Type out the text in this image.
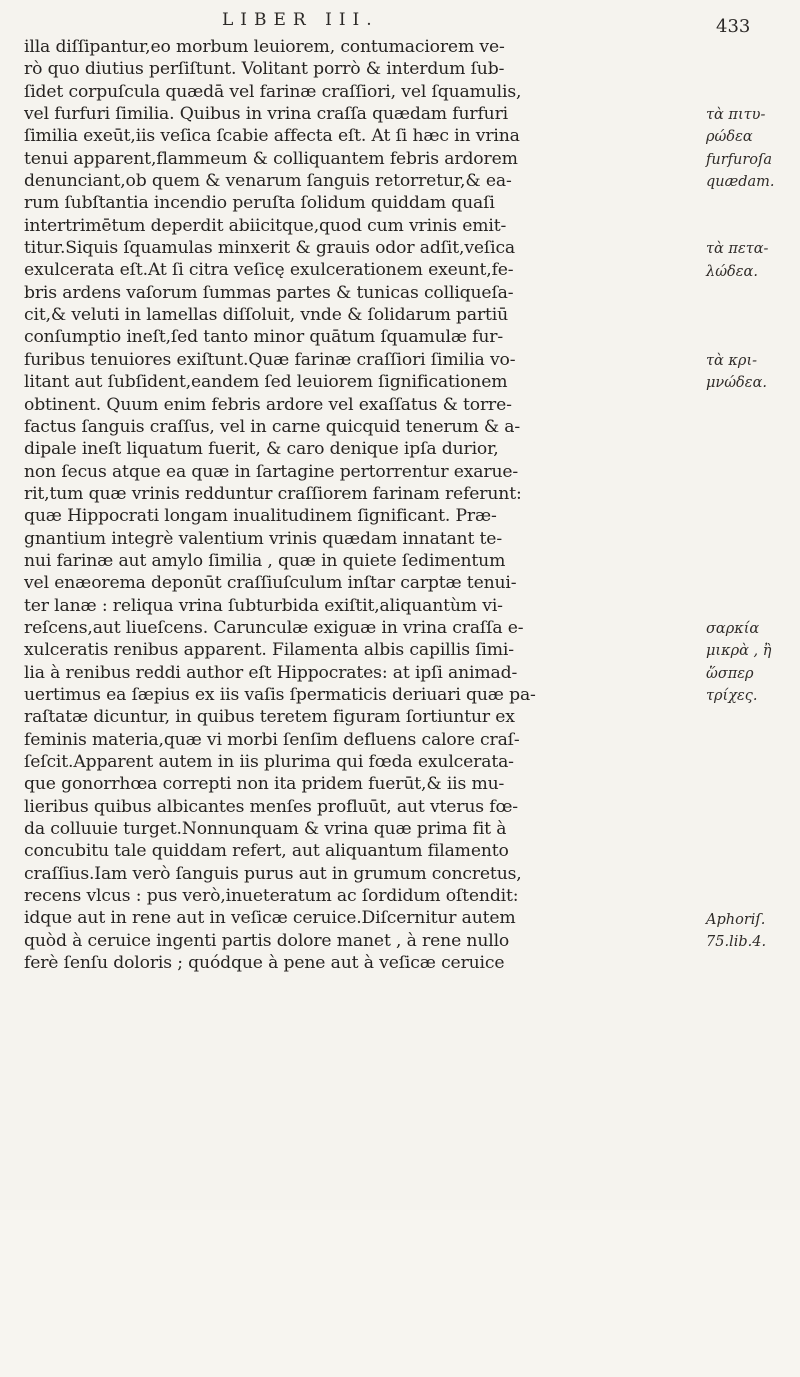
LIBER III.	433
illa diſſipantur,eo morbum leuiorem, contumaciorem ve-
rò quo diutius perſiſtunt. Volitant porrò & interdum ſub-
ſidet corpuſcula quædā vel farinæ craſſiori, vel ſquamulis,
vel furfuri ſimilia. Quibus in vrina craſſa quædam furfuri
ſimilia exeūt,iis veſica ſcabie affecta eſt. At ſi hæc in vrina
tenui apparent,flammeum & colliquantem febris ardorem
denunciant,ob quem & venarum ſanguis retorretur,& ea-
rum ſubſtantia incendio peruſta ſolidum quiddam quaſi
intertrimētum deperdit abiicitque,quod cum vrinis emit-
titur.Siquis ſquamulas minxerit & grauis odor adſit,veſica
exulcerata eſt.At ſi citra veſicę exulcerationem exeunt,fe-
bris ardens vaſorum ſummas partes & tunicas colliqueſa-
cit,& veluti in lamellas diſſoluit, vnde & ſolidarum partiū
conſumptio ineſt,ſed tanto minor quātum ſquamulæ fur-
furibus tenuiores exiſtunt.Quæ farinæ craſſiori ſimilia vo-
litant aut ſubſident,eandem ſed leuiorem ſignificationem
obtinent. Quum enim febris ardore vel exaſſatus & torre-
factus ſanguis craſſus, vel in carne quicquid tenerum & a-
dipale ineſt liquatum fuerit, & caro denique ipſa durior,
non ſecus atque ea quæ in ſartagine pertorrentur exarue-
rit,tum quæ vrinis redduntur craſſiorem farinam referunt:
quæ Hippocrati longam inualitudinem ſignificant. Præ-
gnantium integrè valentium vrinis quædam innatant te-
nui farinæ aut amylo ſimilia , quæ in quiete ſedimentum
vel enæorema deponūt craſſiuſculum inſtar carptæ tenui-
ter lanæ : reliqua vrina ſubturbida exiſtit,aliquantùm vi-
reſcens,aut liueſcens. Carunculæ exiguæ in vrina craſſa e-
xulceratis renibus apparent. Filamenta albis capillis ſimi-
lia à renibus reddi author eſt Hippocrates: at ipſi animad-
uertimus ea ſæpius ex iis vaſis ſpermaticis deriuari quæ pa-
raſtatæ dicuntur, in quibus teretem figuram ſortiuntur ex
feminis materia,quæ vi morbi ſenſim defluens calore craſ-
ſeſcit.Apparent autem in iis plurima qui fœda exulcerata-
que gonorrhœa correpti non ita pridem fuerūt,& iis mu-
lieribus quibus albicantes menſes profluūt, aut vterus fœ-
da colluuie turget.Nonnunquam & vrina quæ prima fit à
concubitu tale quiddam refert, aut aliquantum filamento
craſſius.Iam verò ſanguis purus aut in grumum concretus,
recens vlcus : pus verò,inueteratum ac ſordidum oſtendit:
idque aut in rene aut in veſicæ ceruice.Diſcernitur autem
quòd à ceruice ingenti partis dolore manet , à rene nullo
ferè ſenſu doloris ; quódque à pene aut à veſicæ ceruice
τὰ πιτυ-
ρώδεα
furfuroſa
quædam.
τὰ πετα-
λώδεα.
τὰ κρι-
μνώδεα.
σαρκία
μικρὰ , ἢ
ὥσπερ
τρίχες.
Aphoriſ.
75.lib.4.
